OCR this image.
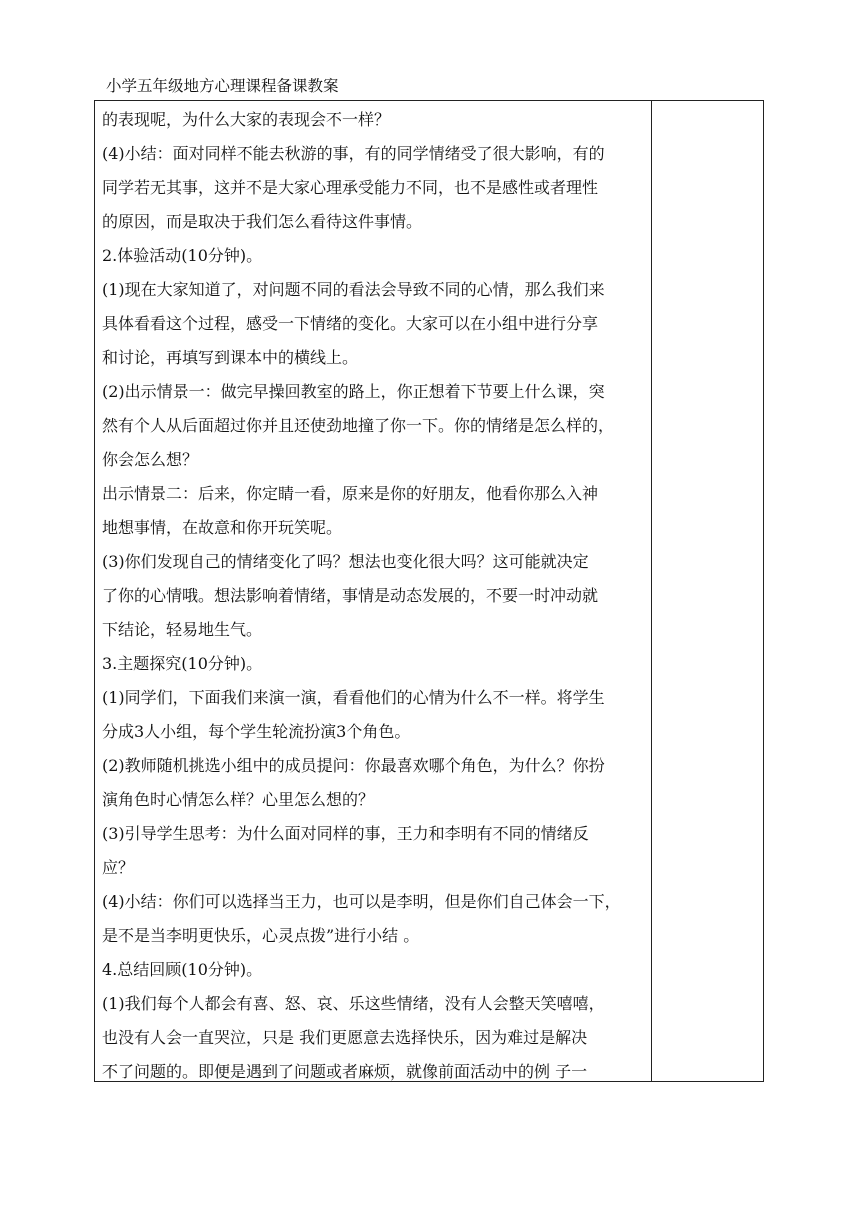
小学五年级地方心理课程备课教案
的表现呢，为什么大家的表现会不一样？
(4)小结：面对同样不能去秋游的事，有的同学情绪受了很大影响，有的
同学若无其事，这并不是大家心理承受能力不同，也不是感性或者理性
的原因，而是取决于我们怎么看待这件事情。
2.体验活动(10分钟)。
(1)现在大家知道了，对问题不同的看法会导致不同的心情，那么我们来
具体看看这个过程，感受一下情绪的变化。大家可以在小组中进行分享
和讨论，再填写到课本中的横线上。
(2)出示情景一：做完早操回教室的路上，你正想着下节要上什么课，突
然有个人从后面超过你并且还使劲地撞了你一下。你的情绪是怎么样的，
你会怎么想？
出示情景二：后来，你定睛一看，原来是你的好朋友，他看你那么入神
地想事情，在故意和你开玩笑呢。
(3)你们发现自己的情绪变化了吗？想法也变化很大吗？这可能就决定
了你的心情哦。想法影响着情绪，事情是动态发展的，不要一时冲动就
下结论，轻易地生气。
3.主题探究(10分钟)。
(1)同学们，下面我们来演一演，看看他们的心情为什么不一样。将学生
分成3人小组，每个学生轮流扮演3个角色。
(2)教师随机挑选小组中的成员提问：你最喜欢哪个角色，为什么？你扮
演角色时心情怎么样？心里怎么想的？
(3)引导学生思考：为什么面对同样的事，王力和李明有不同的情绪反
应？
(4)小结：你们可以选择当王力，也可以是李明，但是你们自己体会一下，
是不是当李明更快乐，心灵点拨”进行小结 。
4.总结回顾(10分钟)。
(1)我们每个人都会有喜、怒、哀、乐这些情绪，没有人会整天笑嘻嘻，
也没有人会一直哭泣，只是 我们更愿意去选择快乐，因为难过是解决
不了问题的。即便是遇到了问题或者麻烦，就像前面活动中的例 子一
